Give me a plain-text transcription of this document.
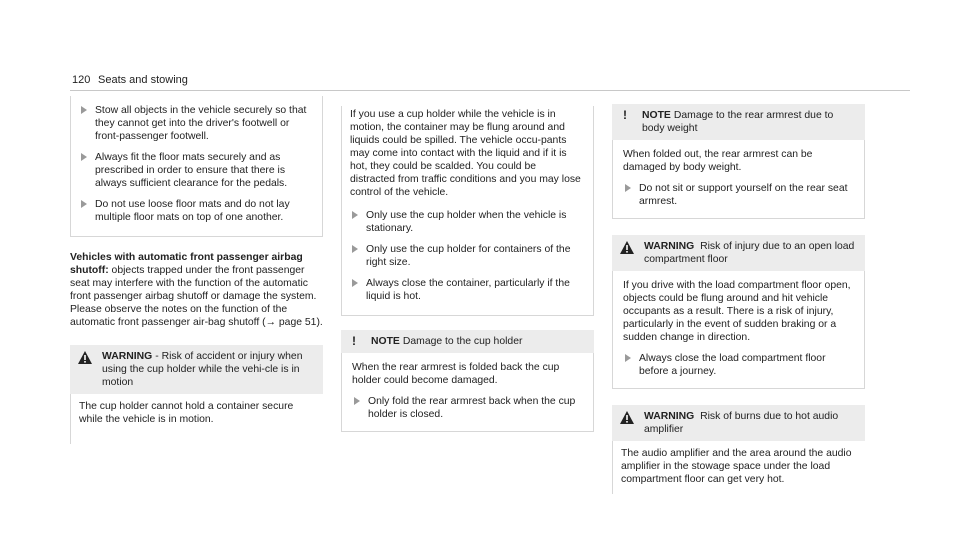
120 Seats and stowing
Stow all objects in the vehicle securely so that they cannot get into the driver's footwell or front-passenger footwell.
Always fit the floor mats securely and as prescribed in order to ensure that there is always sufficient clearance for the pedals.
Do not use loose floor mats and do not lay multiple floor mats on top of one another.

Vehicles with automatic front passenger airbag shutoff: objects trapped under the front passenger seat may interfere with the function of the automatic front passenger airbag shutoff or damage the system. Please observe the notes on the function of the automatic front passenger air-bag shutoff (→ page 51).

WARNING - Risk of accident or injury when using the cup holder while the vehi-cle is in motion
The cup holder cannot hold a container secure while the vehicle is in motion.

If you use a cup holder while the vehicle is in motion, the container may be flung around and liquids could be spilled. The vehicle occu-pants may come into contact with the liquid and if it is hot, they could be scalded. You could be distracted from traffic conditions and you may lose control of the vehicle.

Only use the cup holder when the vehicle is stationary.
Only use the cup holder for containers of the right size.
Always close the container, particularly if the liquid is hot.
! NOTE Damage to the cup holder

When the rear armrest is folded back the cup holder could become damaged.

Only fold the rear armrest back when the cup holder is closed.
! NOTE Damage to the rear armrest due to body weight

When folded out, the rear armrest can be damaged by body weight.

Do not sit or support yourself on the rear seat armrest.
WARNING Risk of injury due to an open load compartment floor

If you drive with the load compartment floor open, objects could be flung around and hit vehicle occupants as a result. There is a risk of injury, particularly in the event of sudden braking or a sudden change in direction.

Always close the load compartment floor before a journey.
WARNING Risk of burns due to hot audio amplifier
The audio amplifier and the area around the audio amplifier in the stowage space under the load compartment floor can get very hot.
